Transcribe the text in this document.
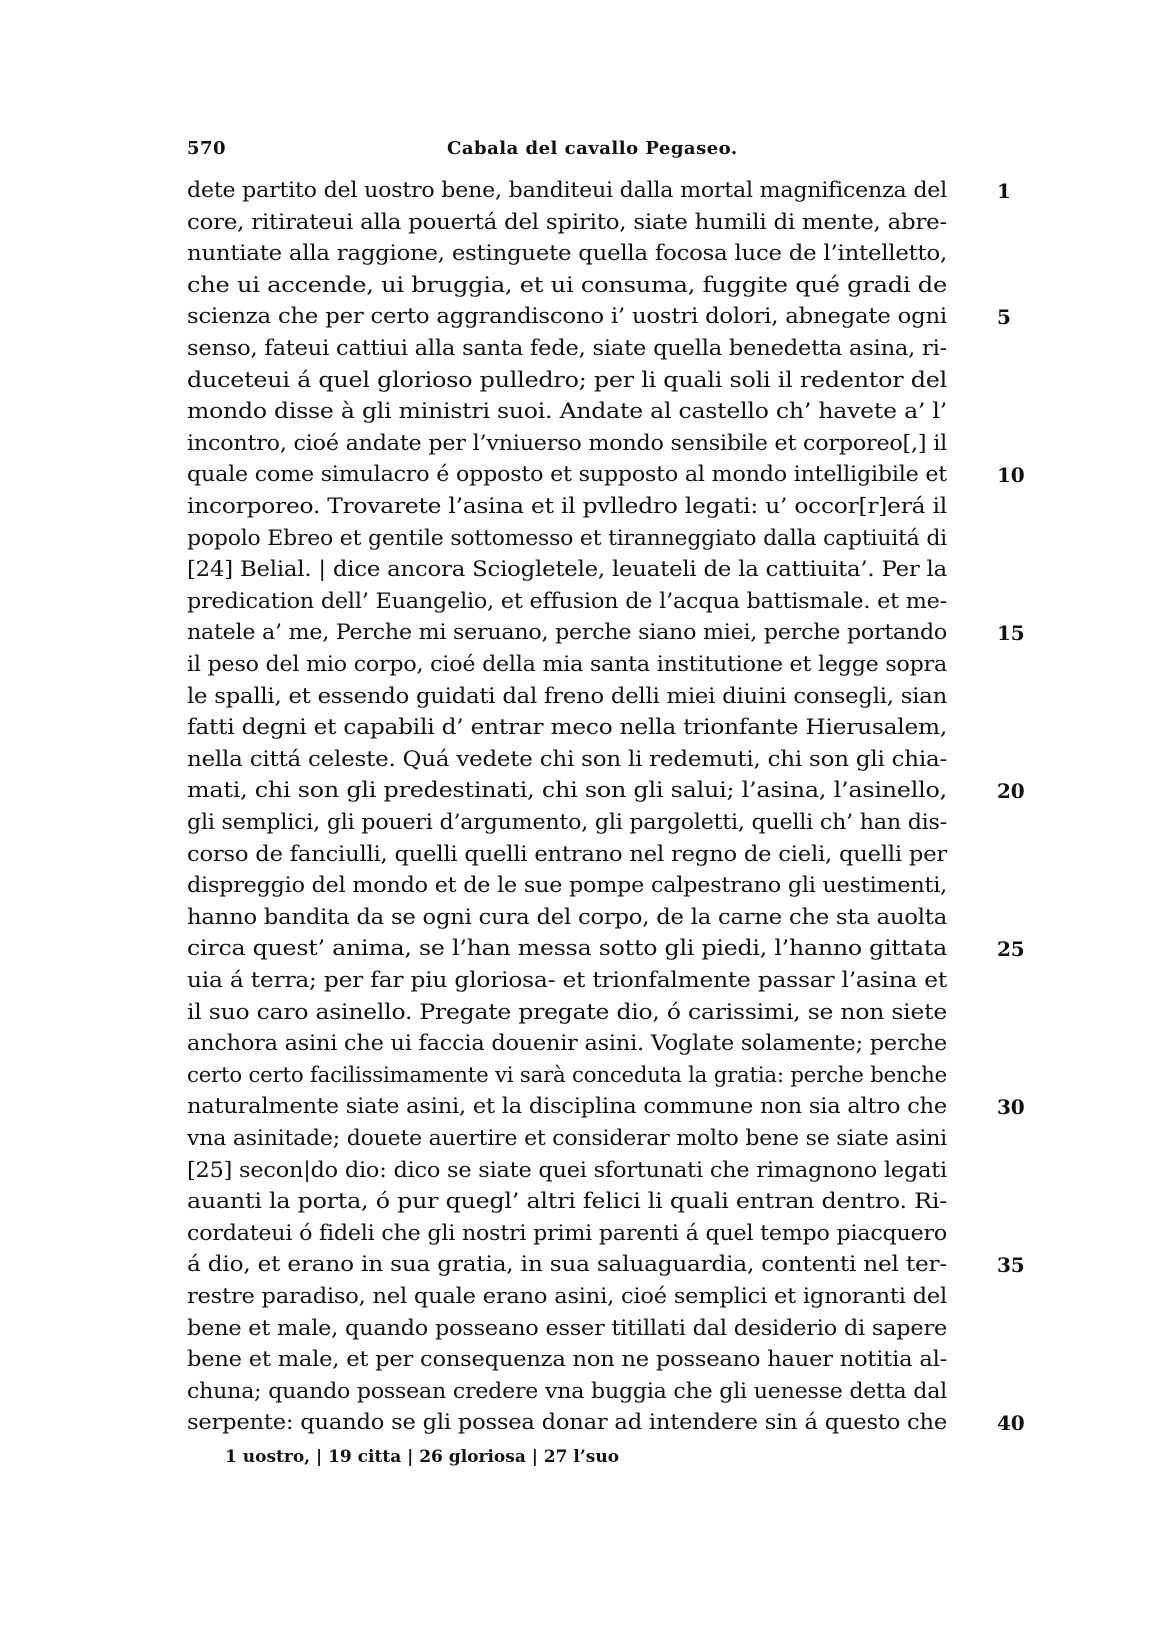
570	Cabala del cavallo Pegaseo.
dete partito del uostro bene, banditeui dalla mortal magnificenza del	1
core, ritirateui alla pouertá del spirito, siate humili di mente, abre-
nuntiate alla raggione, estinguete quella focosa luce de l’intelletto,
che ui accende, ui bruggia, et ui consuma, fuggite qué gradi de
scienza che per certo aggrandiscono i’ uostri dolori, abnegate ogni	5
senso, fateui cattiui alla santa fede, siate quella benedetta asina, ri-
duceteui á quel glorioso pulledro; per li quali soli il redentor del
mondo disse à gli ministri suoi. Andate al castello ch’ havete a’ l’
incontro, cioé andate per l’vniuerso mondo sensibile et corporeo[,] il
quale come simulacro é opposto et supposto al mondo intelligibile et	10
incorporeo. Trovarete l’asina et il pvlledro legati: u’ occor[r]erá il
popolo Ebreo et gentile sottomesso et tiranneggiato dalla captiuitá di
[24] Belial. | dice ancora Sciogletele, leuateli de la cattiuita’. Per la
predication dell’ Euangelio, et effusion de l’acqua battismale. et me-
natele a’ me, Perche mi seruano, perche siano miei, perche portando 15
il peso del mio corpo, cioé della mia santa institutione et legge sopra
le spalli, et essendo guidati dal freno delli miei diuini consegli, sian
fatti degni et capabili d’ entrar meco nella trionfante Hierusalem,
nella cittá celeste. Quá vedete chi son li redemuti, chi son gli chia-
mati, chi son gli predestinati, chi son gli salui; l’asina, l’asinello,	20
gli semplici, gli poueri d’argumento, gli pargoletti, quelli ch’ han dis-
corso de fanciulli, quelli quelli entrano nel regno de cieli, quelli per
dispreggio del mondo et de le sue pompe calpestrano gli uestimenti,
hanno bandita da se ogni cura del corpo, de la carne che sta auolta
circa quest’ anima, se l’han messa sotto gli piedi, l’hanno gittata	25
uia á terra; per far piu gloriosa- et trionfalmente passar l’asina et
il suo caro asinello. Pregate pregate dio, ó carissimi, se non siete
anchora asini che ui faccia douenir asini. Voglate solamente; perche
certo certo facilissimamente vi sarà conceduta la gratia: perche benche
naturalmente siate asini, et la disciplina commune non sia altro che	30
vna asinitade; douete auertire et considerar molto bene se siate asini
[25] secon|do dio: dico se siate quei sfortunati che rimagnono legati
auanti la porta, ó pur quegl’ altri felici li quali entran dentro. Ri-
cordateui ó fideli che gli nostri primi parenti á quel tempo piacquero
á dio, et erano in sua gratia, in sua saluaguardia, contenti nel ter-	35
restre paradiso, nel quale erano asini, cioé semplici et ignoranti del
bene et male, quando posseano esser titillati dal desiderio di sapere
bene et male, et per consequenza non ne posseano hauer notitia al-
chuna; quando possean credere vna buggia che gli uenesse detta dal
serpente: quando se gli possea donar ad intendere sin á questo che	40
1 uostro, | 19 citta | 26 gloriosa | 27 l’suo
